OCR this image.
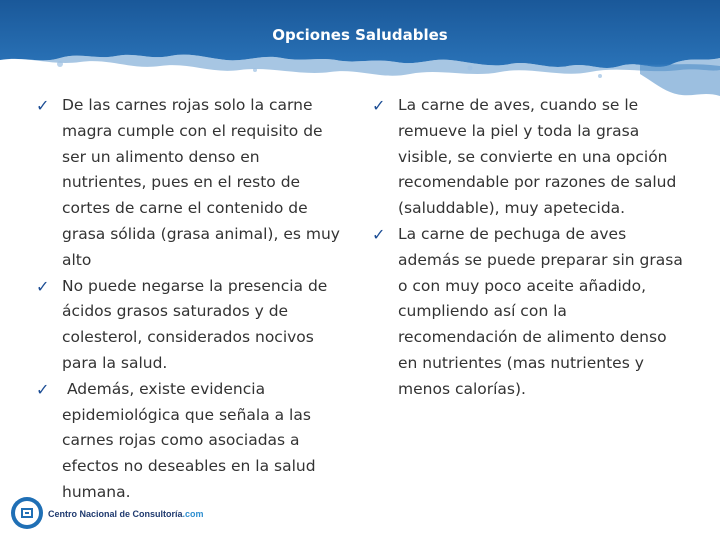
Opciones Saludables

✓ De las carnes rojas solo la carne magra cumple con el requisito de ser un alimento denso en nutrientes, pues en el resto de cortes de carne el contenido de grasa sólida (grasa animal), es muy alto

✓ No puede negarse la presencia de ácidos grasos saturados y de colesterol, considerados nocivos para la salud.

✓ Además, existe evidencia epidemiológica que señala a las carnes rojas como asociadas a efectos no deseables en la salud humana.

✓ La carne de aves, cuando se le remueve la piel y toda la grasa visible, se convierte en una opción recomendable por razones de salud (saluddable), muy apetecida.

✓ La carne de pechuga de aves además se puede preparar sin grasa o con muy poco aceite añadido, cumpliendo así con la recomendación de alimento denso en nutrientes (mas nutrientes y menos calorías).

Centro Nacional de Consultoría.com
